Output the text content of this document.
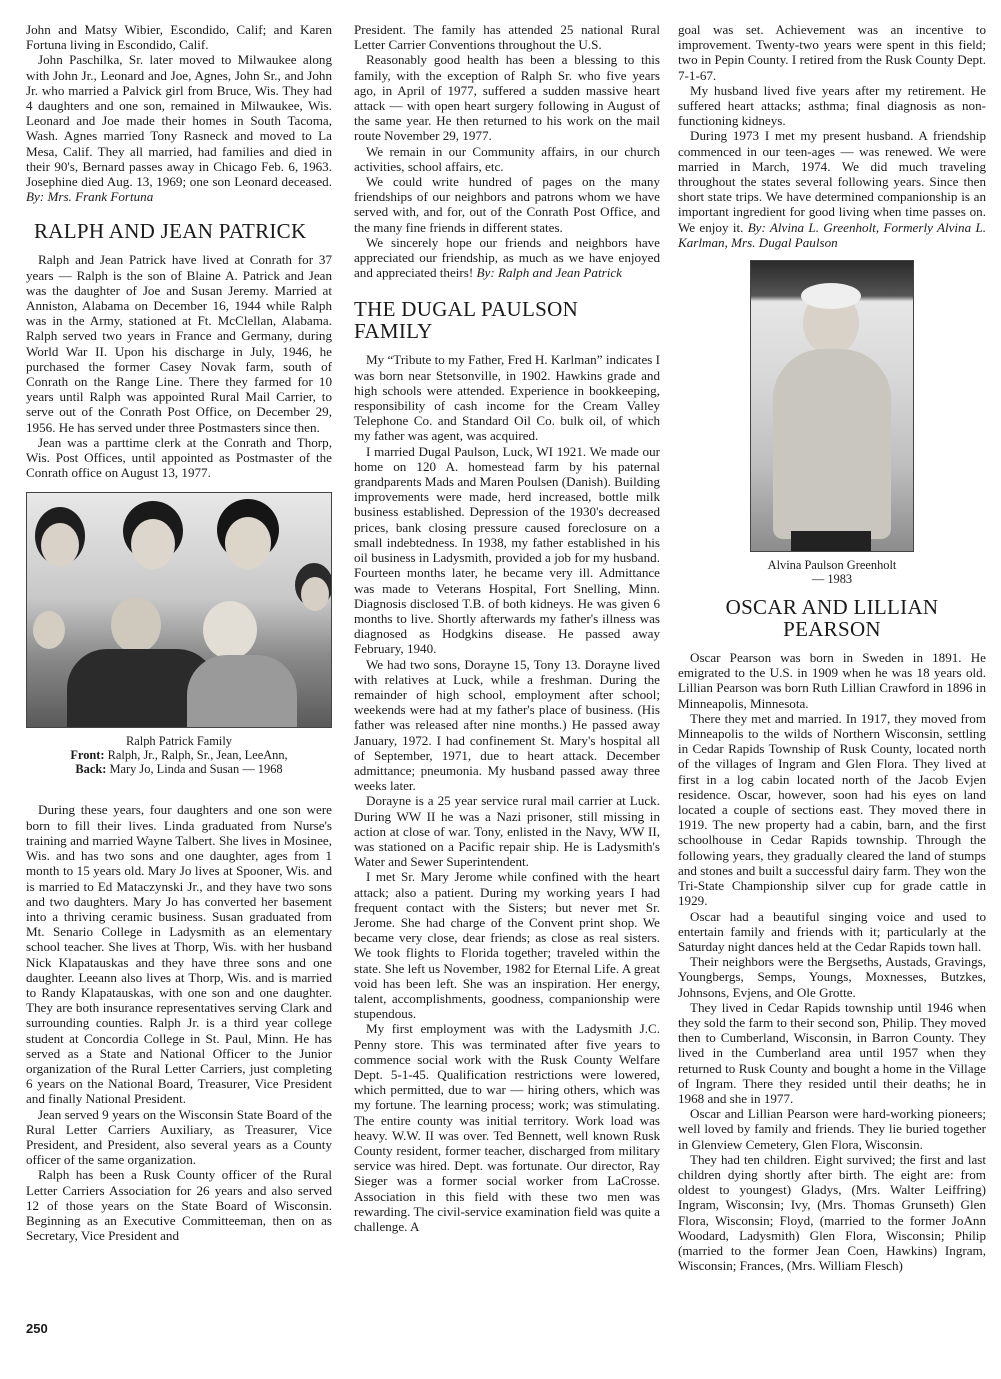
John and Matsy Wibier, Escondido, Calif; and Karen Fortuna living in Escondido, Calif.

John Paschilka, Sr. later moved to Milwaukee along with John Jr., Leonard and Joe, Agnes, John Sr., and John Jr. who married a Palvick girl from Bruce, Wis. They had 4 daughters and one son, remained in Milwaukee, Wis. Leonard and Joe made their homes in South Tacoma, Wash. Agnes married Tony Rasneck and moved to La Mesa, Calif. They all married, had families and died in their 90's, Bernard passes away in Chicago Feb. 6, 1963. Josephine died Aug. 13, 1969; one son Leonard deceased. By: Mrs. Frank Fortuna

RALPH AND JEAN PATRICK

Ralph and Jean Patrick have lived at Conrath for 37 years — Ralph is the son of Blaine A. Patrick and Jean was the daughter of Joe and Susan Jeremy. Married at Anniston, Alabama on December 16, 1944 while Ralph was in the Army, stationed at Ft. McClellan, Alabama. Ralph served two years in France and Germany, during World War II. Upon his discharge in July, 1946, he purchased the former Casey Novak farm, south of Conrath on the Range Line. There they farmed for 10 years until Ralph was appointed Rural Mail Carrier, to serve out of the Conrath Post Office, on December 29, 1956. He has served under three Postmasters since then.

Jean was a parttime clerk at the Conrath and Thorp, Wis. Post Offices, until appointed as Postmaster of the Conrath office on August 13, 1977.

Ralph Patrick Family
Front: Ralph, Jr., Ralph, Sr., Jean, LeeAnn,
Back: Mary Jo, Linda and Susan — 1968

During these years, four daughters and one son were born to fill their lives. Linda graduated from Nurse's training and married Wayne Talbert. She lives in Mosinee, Wis. and has two sons and one daughter, ages from 1 month to 15 years old. Mary Jo lives at Spooner, Wis. and is married to Ed Mataczynski Jr., and they have two sons and two daughters. Mary Jo has converted her basement into a thriving ceramic business. Susan graduated from Mt. Senario College in Ladysmith as an elementary school teacher. She lives at Thorp, Wis. with her husband Nick Klapatauskas and they have three sons and one daughter. Leeann also lives at Thorp, Wis. and is married to Randy Klapatauskas, with one son and one daughter. They are both insurance representatives serving Clark and surrounding counties. Ralph Jr. is a third year college student at Concordia College in St. Paul, Minn. He has served as a State and National Officer to the Junior organization of the Rural Letter Carriers, just completing 6 years on the National Board, Treasurer, Vice President and finally National President.

Jean served 9 years on the Wisconsin State Board of the Rural Letter Carriers Auxiliary, as Treasurer, Vice President, and President, also several years as a County officer of the same organization.

Ralph has been a Rusk County officer of the Rural Letter Carriers Association for 26 years and also served 12 of those years on the State Board of Wisconsin. Beginning as an Executive Committeeman, then on as Secretary, Vice President and

President. The family has attended 25 national Rural Letter Carrier Conventions throughout the U.S.

Reasonably good health has been a blessing to this family, with the exception of Ralph Sr. who five years ago, in April of 1977, suffered a sudden massive heart attack — with open heart surgery following in August of the same year. He then returned to his work on the mail route November 29, 1977.

We remain in our Community affairs, in our church activities, school affairs, etc.

We could write hundred of pages on the many friendships of our neighbors and patrons whom we have served with, and for, out of the Conrath Post Office, and the many fine friends in different states.

We sincerely hope our friends and neighbors have appreciated our friendship, as much as we have enjoyed and appreciated theirs! By: Ralph and Jean Patrick

THE DUGAL PAULSON FAMILY

My “Tribute to my Father, Fred H. Karlman” indicates I was born near Stetsonville, in 1902. Hawkins grade and high schools were attended. Experience in bookkeeping, responsibility of cash income for the Cream Valley Telephone Co. and Standard Oil Co. bulk oil, of which my father was agent, was acquired.

I married Dugal Paulson, Luck, WI 1921. We made our home on 120 A. homestead farm by his paternal grandparents Mads and Maren Poulsen (Danish). Building improvements were made, herd increased, bottle milk business established. Depression of the 1930's decreased prices, bank closing pressure caused foreclosure on a small indebtedness. In 1938, my father established in his oil business in Ladysmith, provided a job for my husband. Fourteen months later, he became very ill. Admittance was made to Veterans Hospital, Fort Snelling, Minn. Diagnosis disclosed T.B. of both kidneys. He was given 6 months to live. Shortly afterwards my father's illness was diagnosed as Hodgkins disease. He passed away February, 1940.

We had two sons, Dorayne 15, Tony 13. Dorayne lived with relatives at Luck, while a freshman. During the remainder of high school, employment after school; weekends were had at my father's place of business. (His father was released after nine months.) He passed away January, 1972. I had confinement St. Mary's hospital all of September, 1971, due to heart attack. December admittance; pneumonia. My husband passed away three weeks later.

Dorayne is a 25 year service rural mail carrier at Luck. During WW II he was a Nazi prisoner, still missing in action at close of war. Tony, enlisted in the Navy, WW II, was stationed on a Pacific repair ship. He is Ladysmith's Water and Sewer Superintendent.

I met Sr. Mary Jerome while confined with the heart attack; also a patient. During my working years I had frequent contact with the Sisters; but never met Sr. Jerome. She had charge of the Convent print shop. We became very close, dear friends; as close as real sisters. We took flights to Florida together; traveled within the state. She left us November, 1982 for Eternal Life. A great void has been left. She was an inspiration. Her energy, talent, accomplishments, goodness, companionship were stupendous.

My first employment was with the Ladysmith J.C. Penny store. This was terminated after five years to commence social work with the Rusk County Welfare Dept. 5-1-45. Qualification restrictions were lowered, which permitted, due to war — hiring others, which was my fortune. The learning process; work; was stimulating. The entire county was initial territory. Work load was heavy. W.W. II was over. Ted Bennett, well known Rusk County resident, former teacher, discharged from military service was hired. Dept. was fortunate. Our director, Ray Sieger was a former social worker from LaCrosse. Association in this field with these two men was rewarding. The civil-service examination field was quite a challenge. A

goal was set. Achievement was an incentive to improvement. Twenty-two years were spent in this field; two in Pepin County. I retired from the Rusk County Dept. 7-1-67.

My husband lived five years after my retirement. He suffered heart attacks; asthma; final diagnosis as non-functioning kidneys.

During 1973 I met my present husband. A friendship commenced in our teen-ages — was renewed. We were married in March, 1974. We did much traveling throughout the states several following years. Since then short state trips. We have determined companionship is an important ingredient for good living when time passes on. We enjoy it. By: Alvina L. Greenholt, Formerly Alvina L. Karlman, Mrs. Dugal Paulson

Alvina Paulson Greenholt
— 1983
OSCAR AND LILLIAN PEARSON

Oscar Pearson was born in Sweden in 1891. He emigrated to the U.S. in 1909 when he was 18 years old. Lillian Pearson was born Ruth Lillian Crawford in 1896 in Minneapolis, Minnesota.

There they met and married. In 1917, they moved from Minneapolis to the wilds of Northern Wisconsin, settling in Cedar Rapids Township of Rusk County, located north of the villages of Ingram and Glen Flora. They lived at first in a log cabin located north of the Jacob Evjen residence. Oscar, however, soon had his eyes on land located a couple of sections east. They moved there in 1919. The new property had a cabin, barn, and the first schoolhouse in Cedar Rapids township. Through the following years, they gradually cleared the land of stumps and stones and built a successful dairy farm. They won the Tri-State Championship silver cup for grade cattle in 1929.

Oscar had a beautiful singing voice and used to entertain family and friends with it; particularly at the Saturday night dances held at the Cedar Rapids town hall.

Their neighbors were the Bergseths, Austads, Gravings, Youngbergs, Semps, Youngs, Moxnesses, Butzkes, Johnsons, Evjens, and Ole Grotte.

They lived in Cedar Rapids township until 1946 when they sold the farm to their second son, Philip. They moved then to Cumberland, Wisconsin, in Barron County. They lived in the Cumberland area until 1957 when they returned to Rusk County and bought a home in the Village of Ingram. There they resided until their deaths; he in 1968 and she in 1977.

Oscar and Lillian Pearson were hard-working pioneers; well loved by family and friends. They lie buried together in Glenview Cemetery, Glen Flora, Wisconsin.

They had ten children. Eight survived; the first and last children dying shortly after birth. The eight are: from oldest to youngest) Gladys, (Mrs. Walter Leiffring) Ingram, Wisconsin; Ivy, (Mrs. Thomas Grunseth) Glen Flora, Wisconsin; Floyd, (married to the former JoAnn Woodard, Ladysmith) Glen Flora, Wisconsin; Philip (married to the former Jean Coen, Hawkins) Ingram, Wisconsin; Frances, (Mrs. William Flesch)

250
